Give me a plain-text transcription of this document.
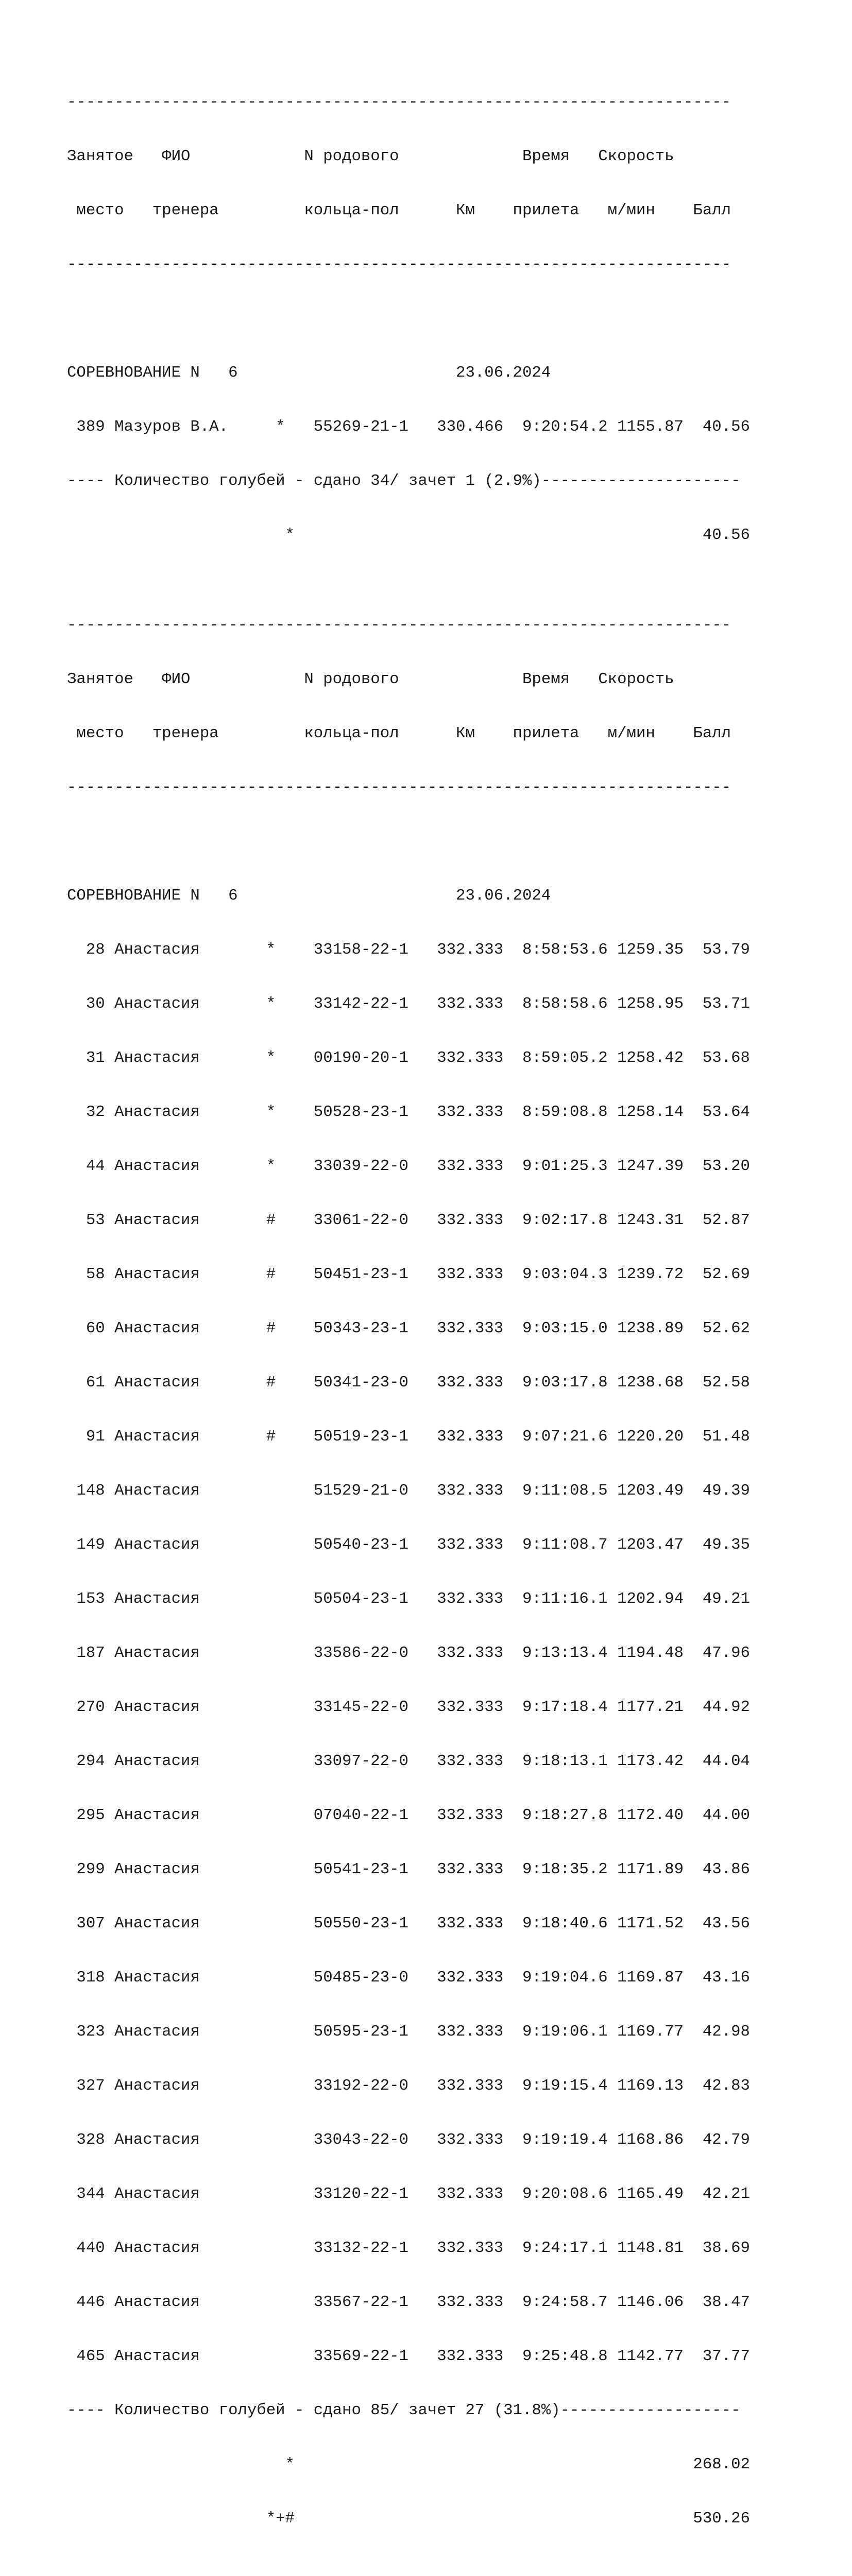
----------------------------------------------------------------------

Занятое   ФИО            N родового             Время   Скорость

место   тренера         кольца-пол      Км    прилета   м/мин    Балл

----------------------------------------------------------------------

СОРЕВНОВАНИЕ N   6                       23.06.2024

389 Мазуров В.А.     *   55269-21-1   330.466  9:20:54.2 1155.87  40.56

---- Количество голубей - сдано 34/ зачет 1 (2.9%)---------------------

*                                           40.56

----------------------------------------------------------------------

Занятое   ФИО            N родового             Время   Скорость

место   тренера         кольца-пол      Км    прилета   м/мин    Балл

----------------------------------------------------------------------

СОРЕВНОВАНИЕ N   6                       23.06.2024

28 Анастасия       *    33158-22-1   332.333  8:58:53.6 1259.35  53.79

30 Анастасия       *    33142-22-1   332.333  8:58:58.6 1258.95  53.71

31 Анастасия       *    00190-20-1   332.333  8:59:05.2 1258.42  53.68

32 Анастасия       *    50528-23-1   332.333  8:59:08.8 1258.14  53.64

44 Анастасия       *    33039-22-0   332.333  9:01:25.3 1247.39  53.20

53 Анастасия       #    33061-22-0   332.333  9:02:17.8 1243.31  52.87

58 Анастасия       #    50451-23-1   332.333  9:03:04.3 1239.72  52.69

60 Анастасия       #    50343-23-1   332.333  9:03:15.0 1238.89  52.62

61 Анастасия       #    50341-23-0   332.333  9:03:17.8 1238.68  52.58

91 Анастасия       #    50519-23-1   332.333  9:07:21.6 1220.20  51.48

148 Анастасия            51529-21-0   332.333  9:11:08.5 1203.49  49.39

149 Анастасия            50540-23-1   332.333  9:11:08.7 1203.47  49.35

153 Анастасия            50504-23-1   332.333  9:11:16.1 1202.94  49.21

187 Анастасия            33586-22-0   332.333  9:13:13.4 1194.48  47.96

270 Анастасия            33145-22-0   332.333  9:17:18.4 1177.21  44.92

294 Анастасия            33097-22-0   332.333  9:18:13.1 1173.42  44.04

295 Анастасия            07040-22-1   332.333  9:18:27.8 1172.40  44.00

299 Анастасия            50541-23-1   332.333  9:18:35.2 1171.89  43.86

307 Анастасия            50550-23-1   332.333  9:18:40.6 1171.52  43.56

318 Анастасия            50485-23-0   332.333  9:19:04.6 1169.87  43.16

323 Анастасия            50595-23-1   332.333  9:19:06.1 1169.77  42.98

327 Анастасия            33192-22-0   332.333  9:19:15.4 1169.13  42.83

328 Анастасия            33043-22-0   332.333  9:19:19.4 1168.86  42.79

344 Анастасия            33120-22-1   332.333  9:20:08.6 1165.49  42.21

440 Анастасия            33132-22-1   332.333  9:24:17.1 1148.81  38.69

446 Анастасия            33567-22-1   332.333  9:24:58.7 1146.06  38.47

465 Анастасия            33569-22-1   332.333  9:25:48.8 1142.77  37.77

---- Количество голубей - сдано 85/ зачет 27 (31.8%)-------------------

*                                          268.02

*+#                                          530.26
